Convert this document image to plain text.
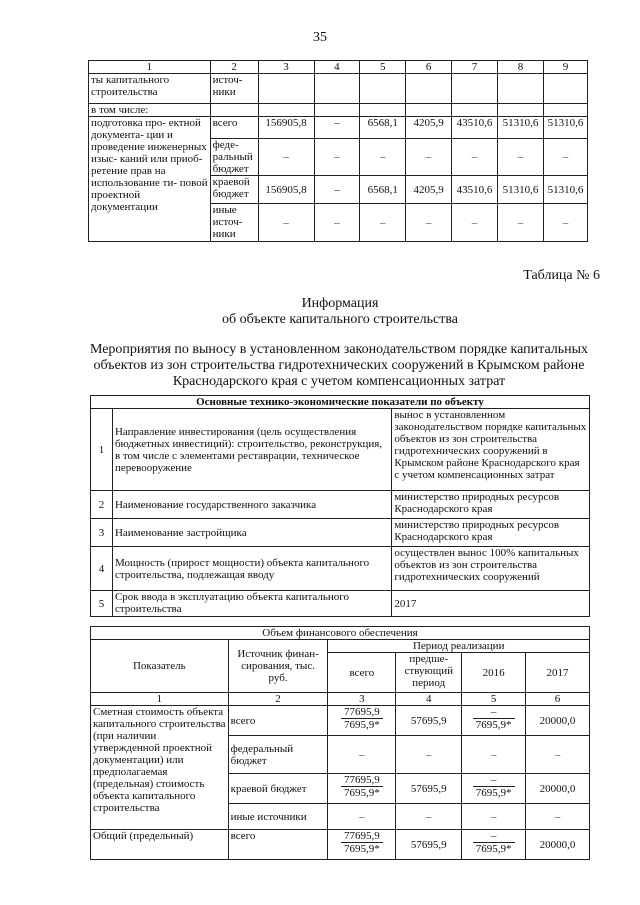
35
1	2	3	4	5	6	7	8	9
ты капитального строительства	источ- ники							
в том числе:								
подготовка про- ектной документа- ции и проведение инженерных изыс- каний или приоб- ретение прав на использование ти- повой проектной документации	всего	156905,8	–	6568,1	4205,9	43510,6	51310,6	51310,6
	феде- ральный бюджет	–	–	–	–	–	–	–
	краевой бюджет	156905,8	–	6568,1	4205,9	43510,6	51310,6	51310,6
	иные источ- ники	–	–	–	–	–	–	–
Таблица № 6
Информация
об объекте капитального строительства
Мероприятия по выносу в установленном законодательством порядке капитальных объектов из зон строительства гидротехнических сооружений в Крымском районе Краснодарского края с учетом компенсационных затрат
Основные технико-экономические показатели по объекту		
1	Направление инвестирования (цель осуществления бюджетных инвестиций): строительство, реконструкция, в том числе с элементами реставрации, техническое перевооружение	вынос в установленном законодательством порядке капитальных объектов из зон строительства гидротехнических сооружений в Крымском районе Краснодарского края с учетом компенсационных затрат
2	Наименование государственного заказчика	министерство природных ресурсов Краснодарского края
3	Наименование застройщика	министерство природных ресурсов Краснодарского края
4	Мощность (прирост мощности) объекта капитального строительства, подлежащая вводу	осуществлен вынос 100% капитальных объектов из зон строительства гидротехнических сооружений
5	Срок ввода в эксплуатацию объекта капитального строительства	2017
Объем финансового обеспечения					
Показатель	Источник финан- сирования, тыс. руб.	Период реализации			
		всего	предше- ствующий период	2016	2017
1	2	3	4	5	6
Сметная стоимость объекта капитального строительства (при наличии утвержденной проектной документации) или предполагаемая (предельная) стоимость объекта капитального строительства	всего	$\frac{77695,9}{7695,9*}$	57695,9	$\frac{-}{7695,9*}$	20000,0
	федеральный бюджет	–	–	–	–
	краевой бюджет	$\frac{77695,9}{7695,9*}$	57695,9	$\frac{-}{7695,9*}$	20000,0
	иные источники	–	–	–	–
Общий (предельный)	всего	$\frac{77695,9}{7695,9*}$	57695,9	$\frac{-}{7695,9*}$	20000,0
